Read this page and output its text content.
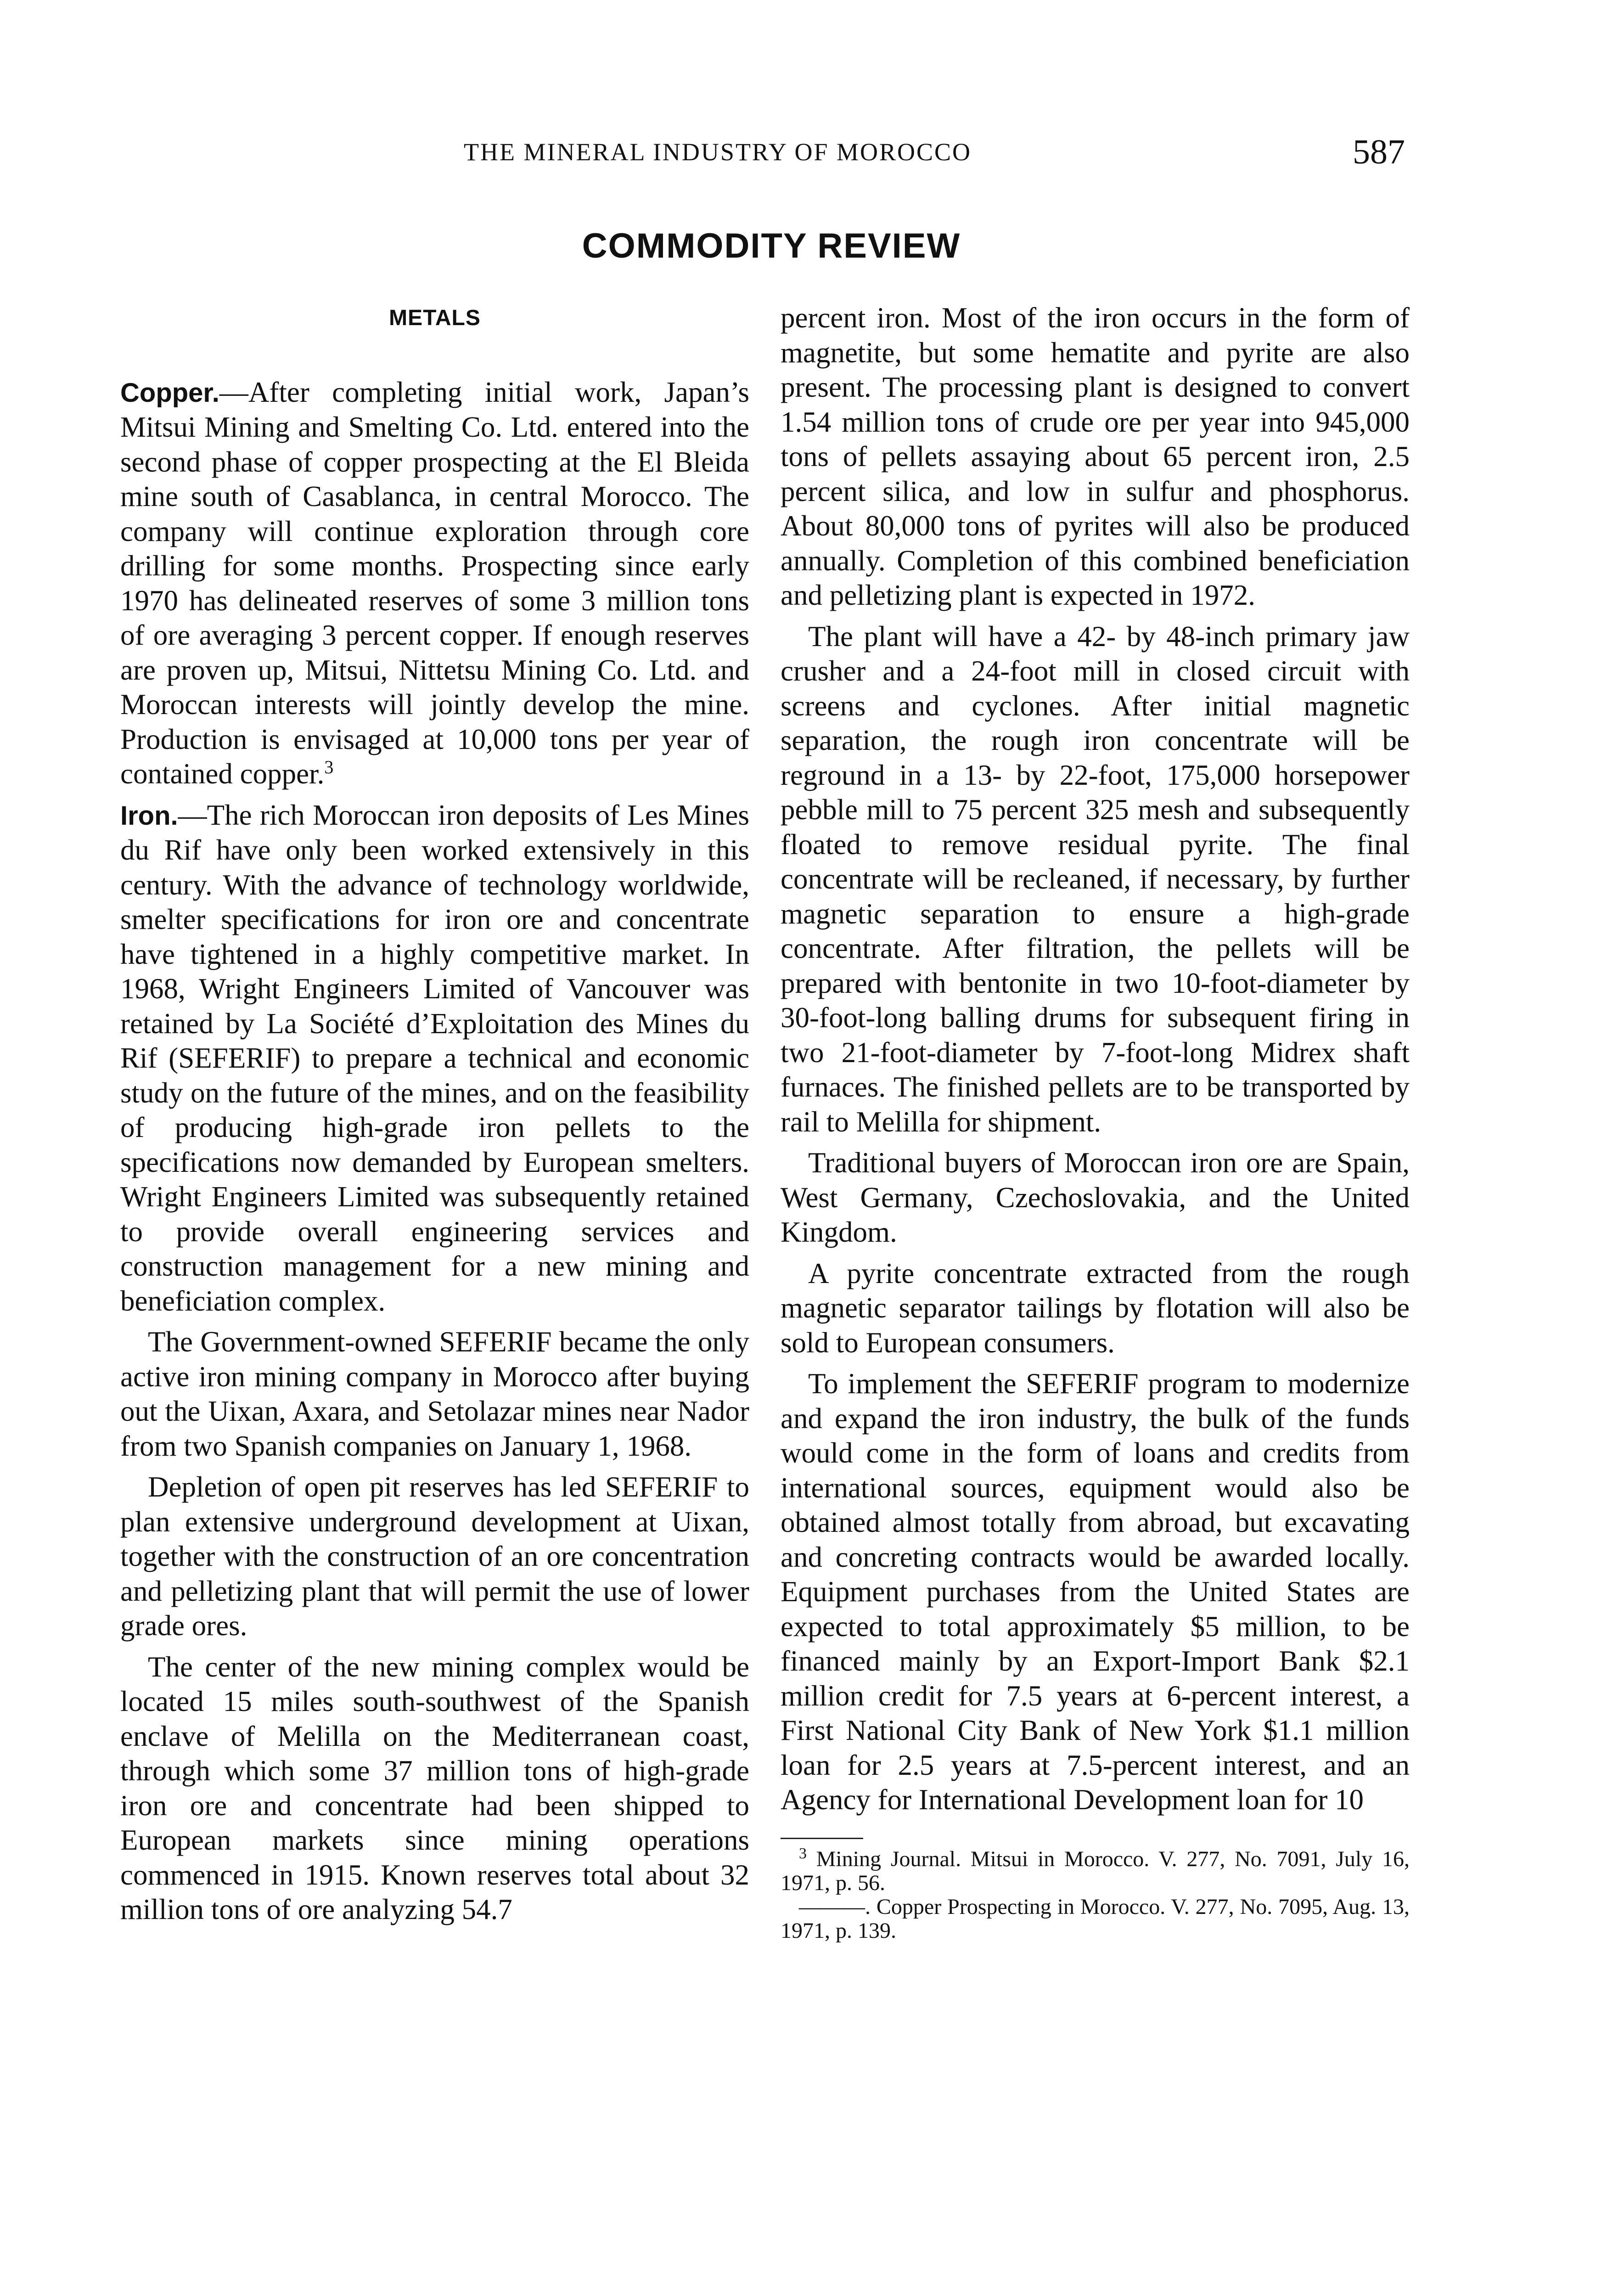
THE MINERAL INDUSTRY OF MOROCCO	587
COMMODITY REVIEW
METALS

Copper.—After completing initial work, Japan’s Mitsui Mining and Smelting Co. Ltd. entered into the second phase of copper prospecting at the El Bleida mine south of Casablanca, in central Morocco. The company will continue exploration through core drilling for some months. Prospecting since early 1970 has delineated reserves of some 3 million tons of ore averaging 3 percent copper. If enough reserves are proven up, Mitsui, Nittetsu Mining Co. Ltd. and Moroccan interests will jointly develop the mine. Production is envisaged at 10,000 tons per year of contained copper.$^3$

Iron.—The rich Moroccan iron deposits of Les Mines du Rif have only been worked extensively in this century. With the advance of technology worldwide, smelter specifications for iron ore and concentrate have tightened in a highly competitive market. In 1968, Wright Engineers Limited of Vancouver was retained by La Société d’Exploitation des Mines du Rif (SEFERIF) to prepare a technical and economic study on the future of the mines, and on the feasibility of producing high-grade iron pellets to the specifications now demanded by European smelters. Wright Engineers Limited was subsequently retained to provide overall engineering services and construction management for a new mining and beneficiation complex.

The Government-owned SEFERIF became the only active iron mining company in Morocco after buying out the Uixan, Axara, and Setolazar mines near Nador from two Spanish companies on January 1, 1968.

Depletion of open pit reserves has led SEFERIF to plan extensive underground development at Uixan, together with the construction of an ore concentration and pelletizing plant that will permit the use of lower grade ores.

The center of the new mining complex would be located 15 miles south-southwest of the Spanish enclave of Melilla on the Mediterranean coast, through which some 37 million tons of high-grade iron ore and concentrate had been shipped to European markets since mining operations commenced in 1915. Known reserves total about 32 million tons of ore analyzing 54.7

percent iron. Most of the iron occurs in the form of magnetite, but some hematite and pyrite are also present. The processing plant is designed to convert 1.54 million tons of crude ore per year into 945,000 tons of pellets assaying about 65 percent iron, 2.5 percent silica, and low in sulfur and phosphorus. About 80,000 tons of pyrites will also be produced annually. Completion of this combined beneficiation and pelletizing plant is expected in 1972.

The plant will have a 42- by 48-inch primary jaw crusher and a 24-foot mill in closed circuit with screens and cyclones. After initial magnetic separation, the rough iron concentrate will be reground in a 13- by 22-foot, 175,000 horsepower pebble mill to 75 percent 325 mesh and subsequently floated to remove residual pyrite. The final concentrate will be recleaned, if necessary, by further magnetic separation to ensure a high-grade concentrate. After filtration, the pellets will be prepared with bentonite in two 10-foot-diameter by 30-foot-long balling drums for subsequent firing in two 21-foot-diameter by 7-foot-long Midrex shaft furnaces. The finished pellets are to be transported by rail to Melilla for shipment.

Traditional buyers of Moroccan iron ore are Spain, West Germany, Czechoslovakia, and the United Kingdom.

A pyrite concentrate extracted from the rough magnetic separator tailings by flotation will also be sold to European consumers.

To implement the SEFERIF program to modernize and expand the iron industry, the bulk of the funds would come in the form of loans and credits from international sources, equipment would also be obtained almost totally from abroad, but excavating and concreting contracts would be awarded locally. Equipment purchases from the United States are expected to total approximately $5 million, to be financed mainly by an Export-Import Bank $2.1 million credit for 7.5 years at 6-percent interest, a First National City Bank of New York $1.1 million loan for 2.5 years at 7.5-percent interest, and an Agency for International Development loan for 10

$^3$ Mining Journal. Mitsui in Morocco. V. 277, No. 7091, July 16, 1971, p. 56.

———. Copper Prospecting in Morocco. V. 277, No. 7095, Aug. 13, 1971, p. 139.
